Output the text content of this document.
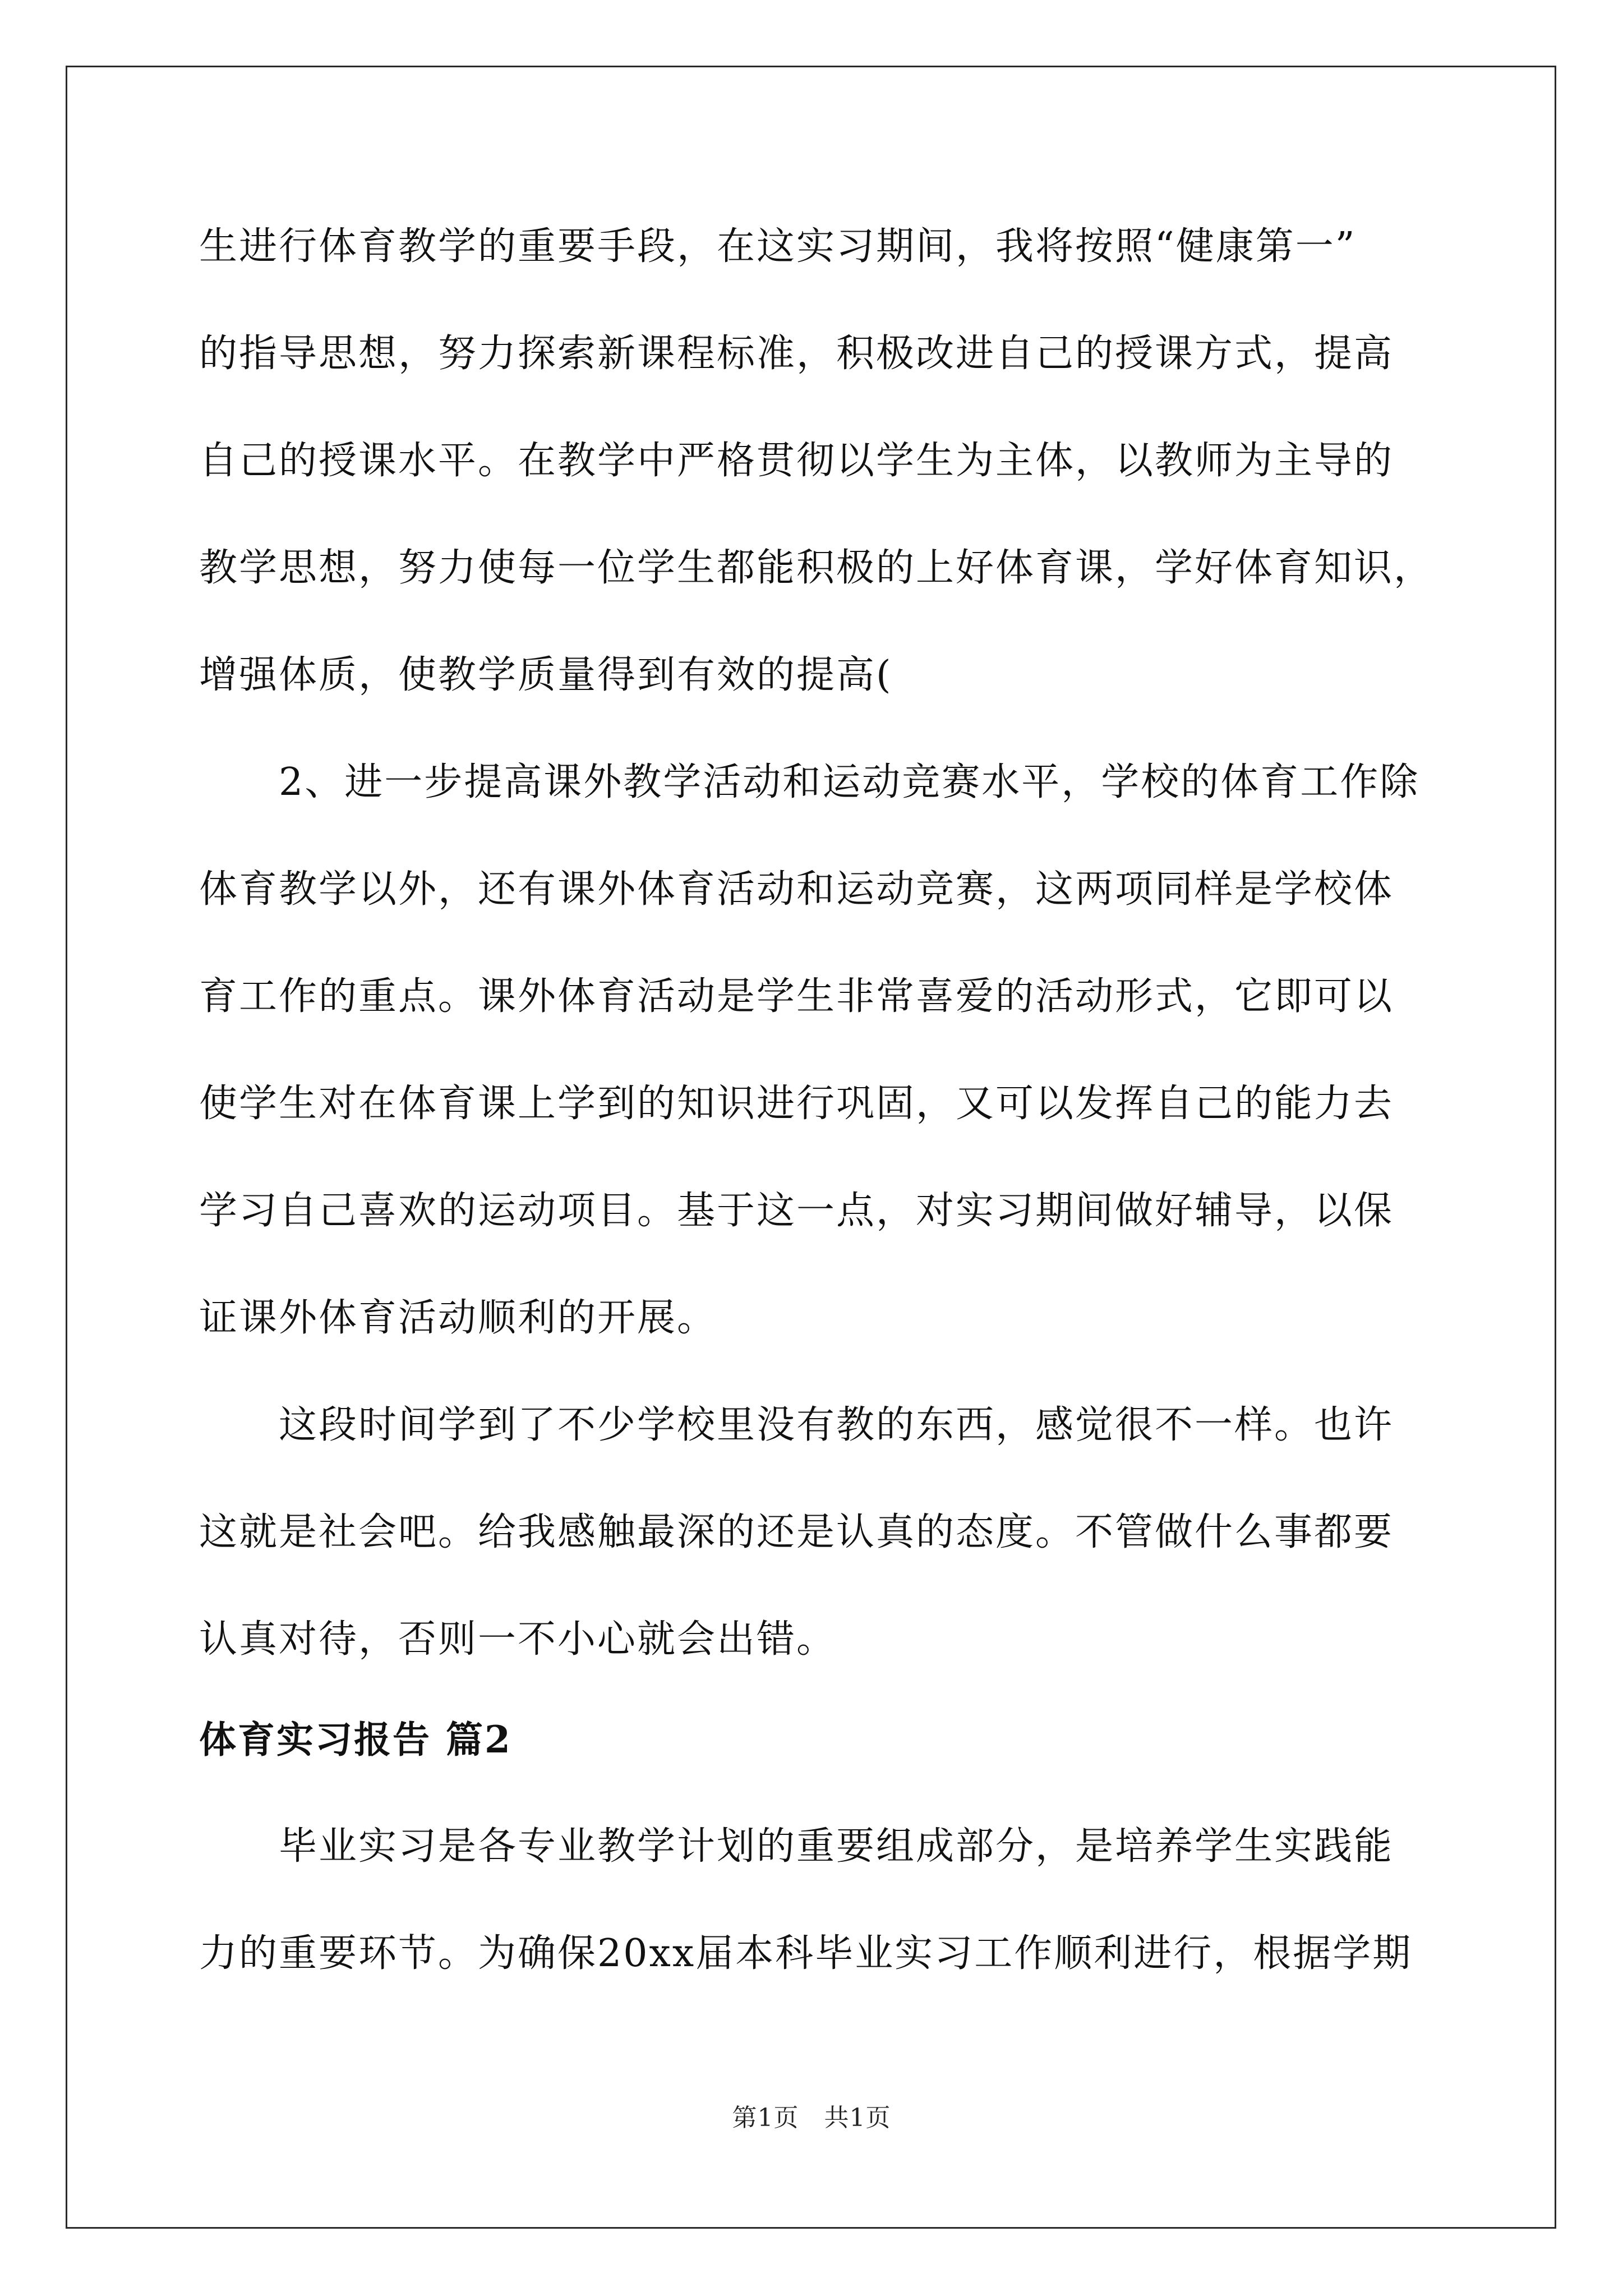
生进行体育教学的重要手段，在这实习期间，我将按照“健康第一”

的指导思想，努力探索新课程标准，积极改进自己的授课方式，提高

自己的授课水平。在教学中严格贯彻以学生为主体，以教师为主导的

教学思想，努力使每一位学生都能积极的上好体育课，学好体育知识，

增强体质，使教学质量得到有效的提高(

　　2、进一步提高课外教学活动和运动竞赛水平，学校的体育工作除

体育教学以外，还有课外体育活动和运动竞赛，这两项同样是学校体

育工作的重点。课外体育活动是学生非常喜爱的活动形式，它即可以

使学生对在体育课上学到的知识进行巩固，又可以发挥自己的能力去

学习自己喜欢的运动项目。基于这一点，对实习期间做好辅导，以保

证课外体育活动顺利的开展。

　　这段时间学到了不少学校里没有教的东西，感觉很不一样。也许

这就是社会吧。给我感触最深的还是认真的态度。不管做什么事都要

认真对待，否则一不小心就会出错。

体育实习报告 篇2

　　毕业实习是各专业教学计划的重要组成部分，是培养学生实践能

力的重要环节。为确保20xx届本科毕业实习工作顺利进行，根据学期

第1页　共1页
